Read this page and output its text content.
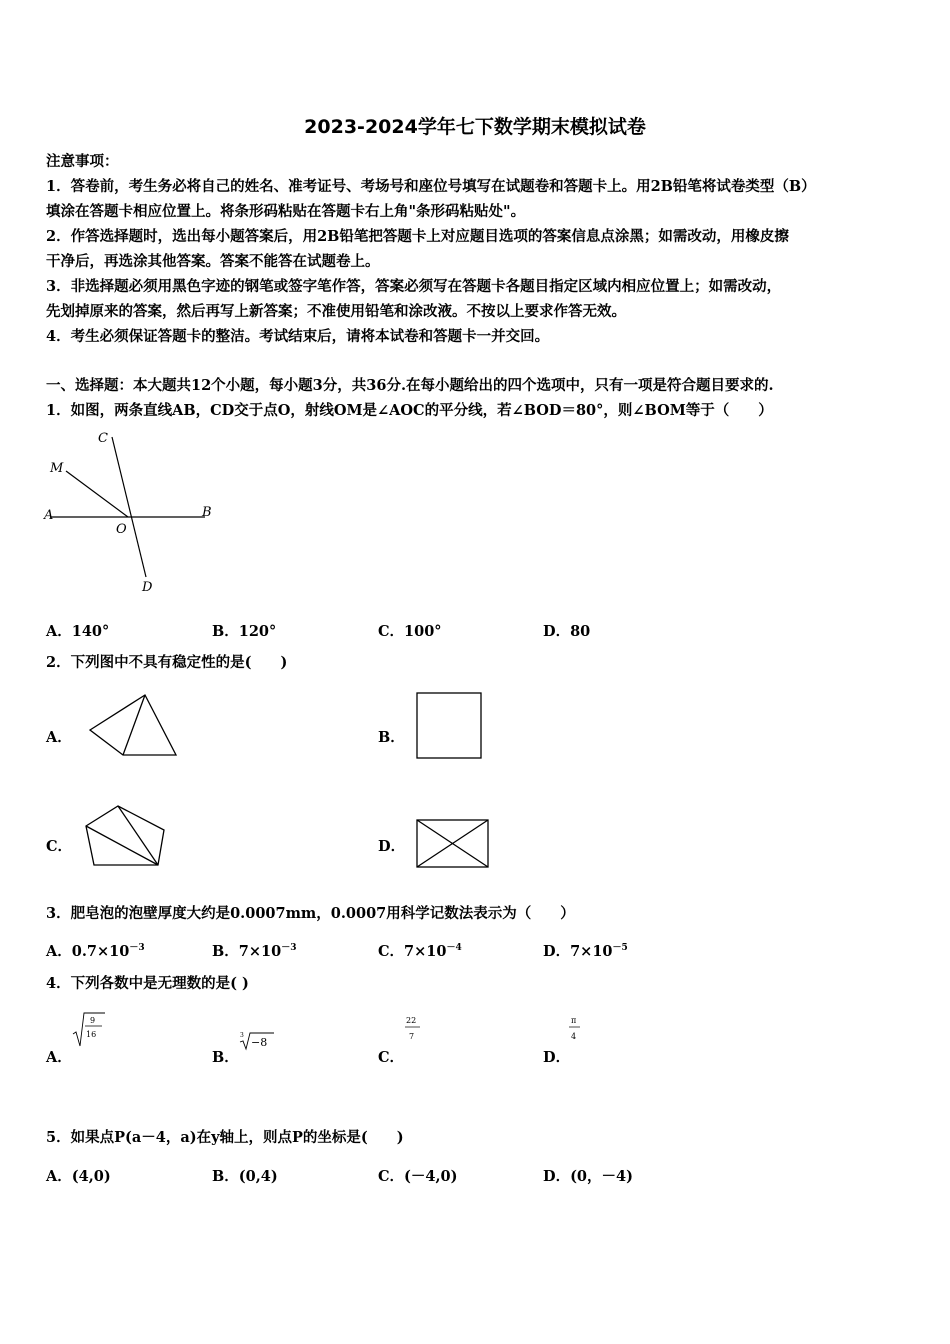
2023-2024学年七下数学期末模拟试卷
注意事项：
1．答卷前，考生务必将自己的姓名、准考证号、考场号和座位号填写在试题卷和答题卡上。用2B铅笔将试卷类型（B）
填涂在答题卡相应位置上。将条形码粘贴在答题卡右上角"条形码粘贴处"。
2．作答选择题时，选出每小题答案后，用2B铅笔把答题卡上对应题目选项的答案信息点涂黑；如需改动，用橡皮擦
干净后，再选涂其他答案。答案不能答在试题卷上。
3．非选择题必须用黑色字迹的钢笔或签字笔作答，答案必须写在答题卡各题目指定区域内相应位置上；如需改动，
先划掉原来的答案，然后再写上新答案；不准使用铅笔和涂改液。不按以上要求作答无效。
4．考生必须保证答题卡的整洁。考试结束后，请将本试卷和答题卡一并交回。
一、选择题：本大题共12个小题，每小题3分，共36分.在每小题给出的四个选项中，只有一项是符合题目要求的.
1．如图，两条直线AB，CD交于点O，射线OM是∠AOC的平分线，若∠BOD＝80°，则∠BOM等于（　　）
C
M
A	B
O
D
A．140°	B．120°	C．100°	D．80
2．下列图中不具有稳定性的是(　　)
A．	B．
C．	D．
3．肥皂泡的泡壁厚度大约是0.0007mm，0.0007用科学记数法表示为（　　）
A．$0.7\times 10^{-3}$	B．$7\times 10^{-3}$	C．$7\times 10^{-4}$	D．$7\times 10^{-5}$
4．下列各数中是无理数的是( )
A．
9
16
B．
3
−8
C．
22
7
D．
π
4
5．如果点P(a－4，a)在y轴上，则点P的坐标是(　　)
A．(4,0)	B．(0,4)	C．(－4,0)	D．(0，－4)
